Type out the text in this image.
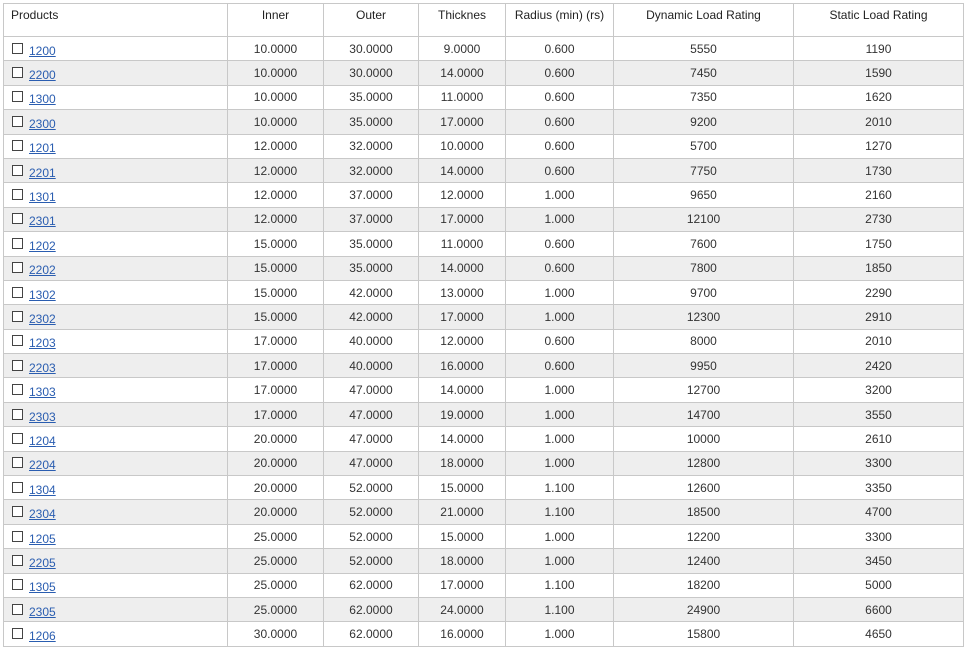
Products	Inner	Outer	Thicknes	Radius (min) (rs)	Dynamic Load Rating	Static Load Rating
1200	10.0000	30.0000	9.0000	0.600	5550	1190
2200	10.0000	30.0000	14.0000	0.600	7450	1590
1300	10.0000	35.0000	11.0000	0.600	7350	1620
2300	10.0000	35.0000	17.0000	0.600	9200	2010
1201	12.0000	32.0000	10.0000	0.600	5700	1270
2201	12.0000	32.0000	14.0000	0.600	7750	1730
1301	12.0000	37.0000	12.0000	1.000	9650	2160
2301	12.0000	37.0000	17.0000	1.000	12100	2730
1202	15.0000	35.0000	11.0000	0.600	7600	1750
2202	15.0000	35.0000	14.0000	0.600	7800	1850
1302	15.0000	42.0000	13.0000	1.000	9700	2290
2302	15.0000	42.0000	17.0000	1.000	12300	2910
1203	17.0000	40.0000	12.0000	0.600	8000	2010
2203	17.0000	40.0000	16.0000	0.600	9950	2420
1303	17.0000	47.0000	14.0000	1.000	12700	3200
2303	17.0000	47.0000	19.0000	1.000	14700	3550
1204	20.0000	47.0000	14.0000	1.000	10000	2610
2204	20.0000	47.0000	18.0000	1.000	12800	3300
1304	20.0000	52.0000	15.0000	1.100	12600	3350
2304	20.0000	52.0000	21.0000	1.100	18500	4700
1205	25.0000	52.0000	15.0000	1.000	12200	3300
2205	25.0000	52.0000	18.0000	1.000	12400	3450
1305	25.0000	62.0000	17.0000	1.100	18200	5000
2305	25.0000	62.0000	24.0000	1.100	24900	6600
1206	30.0000	62.0000	16.0000	1.000	15800	4650
